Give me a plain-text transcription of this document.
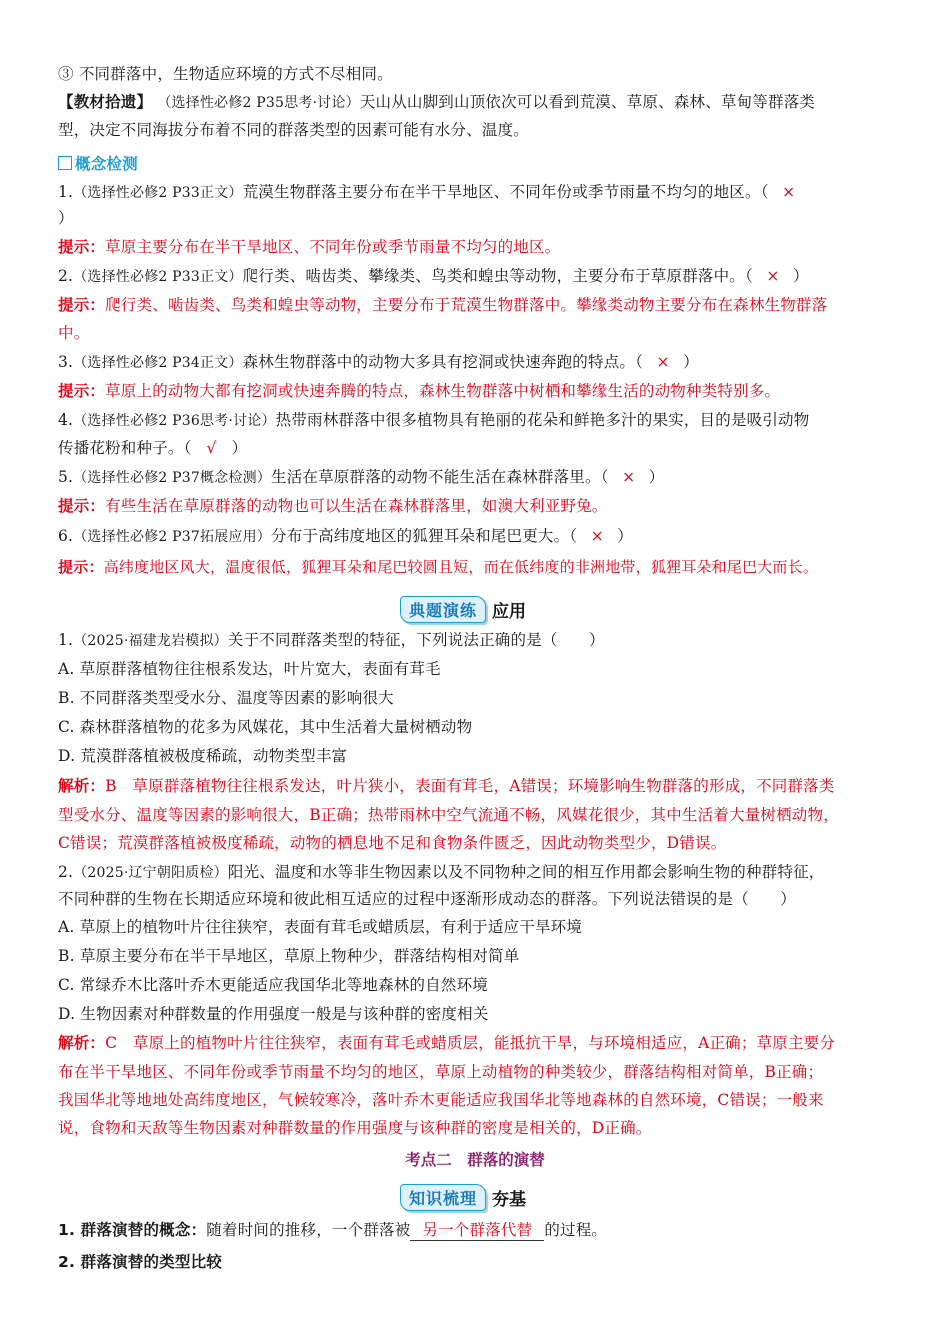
③ 不同群落中，生物适应环境的方式不尽相同。
【教材拾遗】 （选择性必修2 P35思考·讨论）天山从山脚到山顶依次可以看到荒漠、草原、森林、草甸等群落类
型，决定不同海拔分布着不同的群落类型的因素可能有水分、温度。
概念检测
1.（选择性必修2 P33正文）荒漠生物群落主要分布在半干旱地区、不同年份或季节雨量不均匀的地区。（ ×
）
提示：草原主要分布在半干旱地区、不同年份或季节雨量不均匀的地区。
2.（选择性必修2 P33正文）爬行类、啮齿类、攀缘类、鸟类和蝗虫等动物，主要分布于草原群落中。（ × ）
提示：爬行类、啮齿类、鸟类和蝗虫等动物，主要分布于荒漠生物群落中。攀缘类动物主要分布在森林生物群落
中。
3.（选择性必修2 P34正文）森林生物群落中的动物大多具有挖洞或快速奔跑的特点。（ × ）
提示：草原上的动物大都有挖洞或快速奔腾的特点，森林生物群落中树栖和攀缘生活的动物种类特别多。
4.（选择性必修2 P36思考·讨论）热带雨林群落中很多植物具有艳丽的花朵和鲜艳多汁的果实，目的是吸引动物
传播花粉和种子。（ √ ）
5.（选择性必修2 P37概念检测）生活在草原群落的动物不能生活在森林群落里。（ × ）
提示：有些生活在草原群落的动物也可以生活在森林群落里，如澳大利亚野兔。
6.（选择性必修2 P37拓展应用）分布于高纬度地区的狐狸耳朵和尾巴更大。（ × ）
提示：高纬度地区风大，温度很低，狐狸耳朵和尾巴较圆且短，而在低纬度的非洲地带，狐狸耳朵和尾巴大而长。
典题演练 应用
1.（2025·福建龙岩模拟）关于不同群落类型的特征，下列说法正确的是（　　）
A. 草原群落植物往往根系发达，叶片宽大，表面有茸毛
B. 不同群落类型受水分、温度等因素的影响很大
C. 森林群落植物的花多为风媒花，其中生活着大量树栖动物
D. 荒漠群落植被极度稀疏，动物类型丰富
解析：B　草原群落植物往往根系发达，叶片狭小，表面有茸毛，A错误；环境影响生物群落的形成，不同群落类
型受水分、温度等因素的影响很大，B正确；热带雨林中空气流通不畅，风媒花很少，其中生活着大量树栖动物，
C错误；荒漠群落植被极度稀疏，动物的栖息地不足和食物条件匮乏，因此动物类型少，D错误。
2.（2025·辽宁朝阳质检）阳光、温度和水等非生物因素以及不同物种之间的相互作用都会影响生物的种群特征，
不同种群的生物在长期适应环境和彼此相互适应的过程中逐渐形成动态的群落。下列说法错误的是（　　）
A. 草原上的植物叶片往往狭窄，表面有茸毛或蜡质层，有利于适应干旱环境
B. 草原主要分布在半干旱地区，草原上物种少，群落结构相对简单
C. 常绿乔木比落叶乔木更能适应我国华北等地森林的自然环境
D. 生物因素对种群数量的作用强度一般是与该种群的密度相关
解析：C　草原上的植物叶片往往狭窄，表面有茸毛或蜡质层，能抵抗干旱，与环境相适应，A正确；草原主要分
布在半干旱地区、不同年份或季节雨量不均匀的地区，草原上动植物的种类较少，群落结构相对简单，B正确；
我国华北等地地处高纬度地区，气候较寒冷，落叶乔木更能适应我国华北等地森林的自然环境，C错误；一般来
说，食物和天敌等生物因素对种群数量的作用强度与该种群的密度是相关的，D正确。
考点二　群落的演替
知识梳理 夯基
1. 群落演替的概念：随着时间的推移，一个群落被 另一个群落代替 的过程。
2. 群落演替的类型比较
